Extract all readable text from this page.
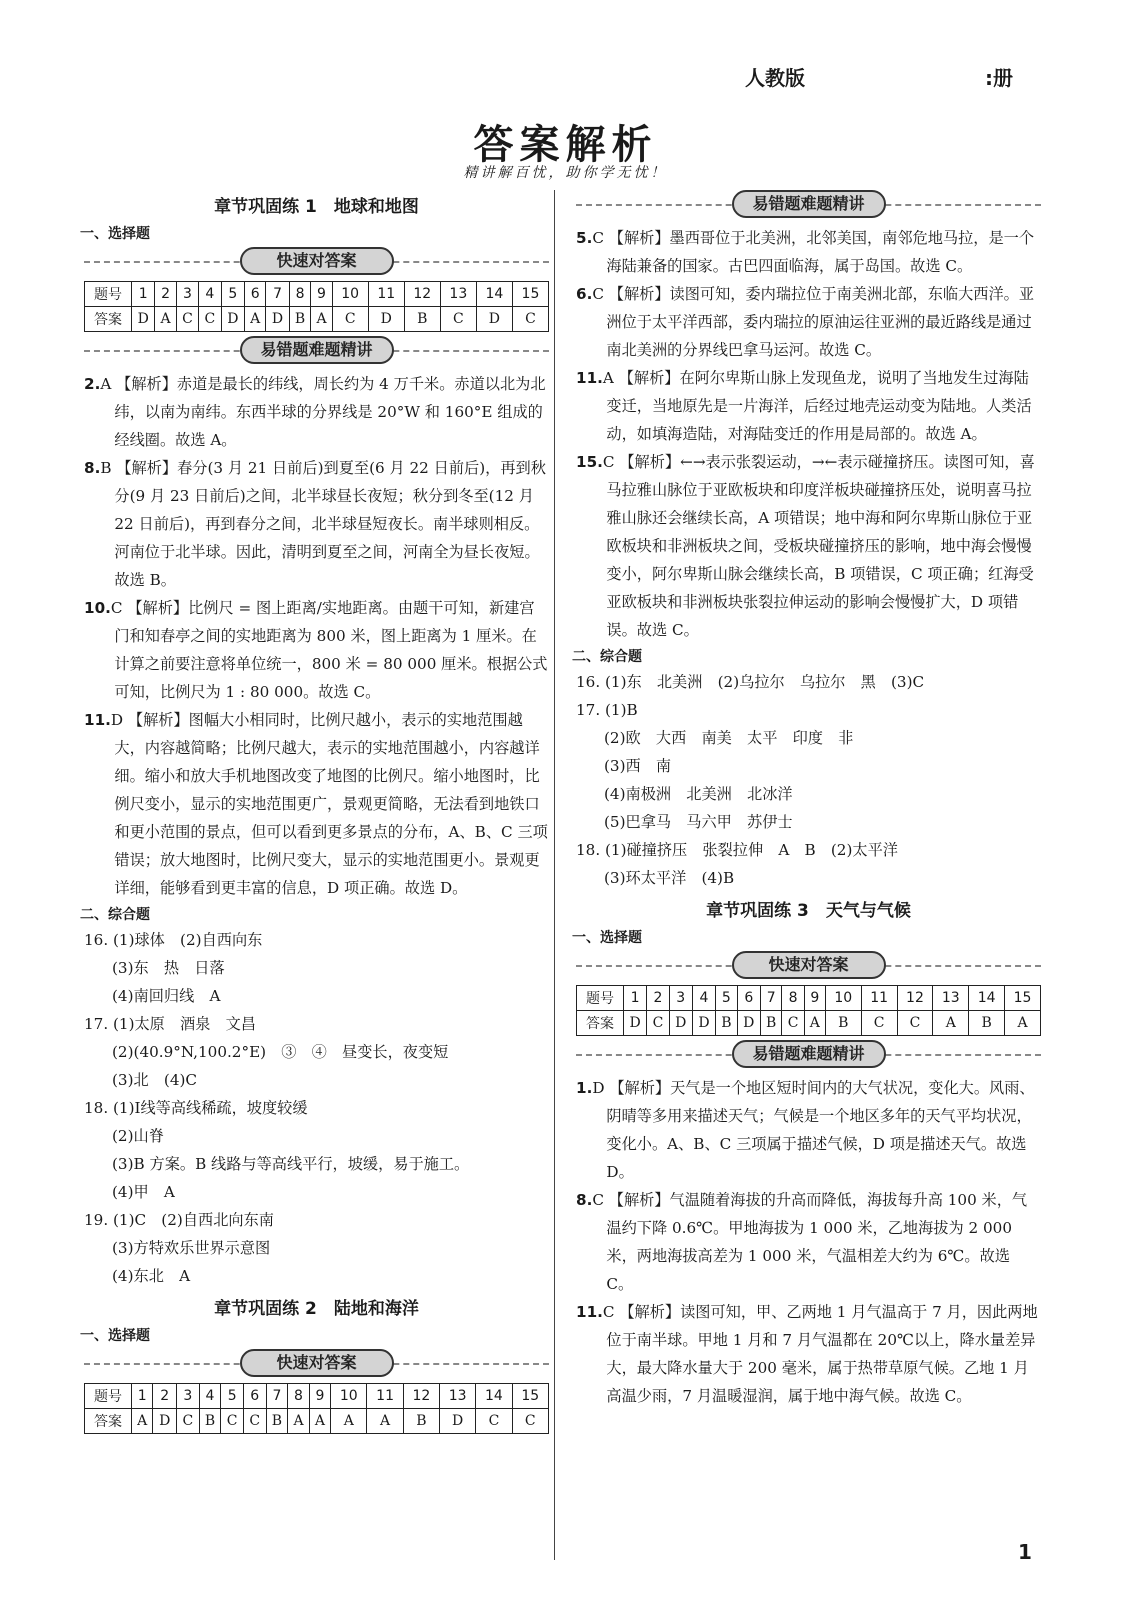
人教版	:册
答案解析
精讲解百忧，助你学无忧！
章节巩固练 1　地球和地图
一、选择题
快速对答案
题号	1	2	3	4	5	6	7	8	9	10	11	12	13	14	15
答案	D	A	C	C	D	A	D	B	A	C	D	B	C	D	C
易错题难题精讲

2.A 【解析】赤道是最长的纬线，周长约为 4 万千米。赤道以北为北纬，以南为南纬。东西半球的分界线是 20°W 和 160°E 组成的经线圈。故选 A。

8.B 【解析】春分(3 月 21 日前后)到夏至(6 月 22 日前后)，再到秋分(9 月 23 日前后)之间，北半球昼长夜短；秋分到冬至(12 月 22 日前后)，再到春分之间，北半球昼短夜长。南半球则相反。河南位于北半球。因此，清明到夏至之间，河南全为昼长夜短。故选 B。

10.C 【解析】比例尺 = 图上距离/实地距离。由题干可知，新建宫门和知春亭之间的实地距离为 800 米，图上距离为 1 厘米。在计算之前要注意将单位统一，800 米 = 80 000 厘米。根据公式可知，比例尺为 1 : 80 000。故选 C。

11.D 【解析】图幅大小相同时，比例尺越小，表示的实地范围越大，内容越简略；比例尺越大，表示的实地范围越小，内容越详细。缩小和放大手机地图改变了地图的比例尺。缩小地图时，比例尺变小，显示的实地范围更广，景观更简略，无法看到地铁口和更小范围的景点，但可以看到更多景点的分布，A、B、C 三项错误；放大地图时，比例尺变大，显示的实地范围更小。景观更详细，能够看到更丰富的信息，D 项正确。故选 D。

二、综合题
16. (1)球体　(2)自西向东
(3)东　热　日落
(4)南回归线　A
17. (1)太原　酒泉　文昌
(2)(40.9°N,100.2°E)　③　④　昼变长，夜变短
(3)北　(4)C
18. (1)Ⅰ线等高线稀疏，坡度较缓
(2)山脊
(3)B 方案。B 线路与等高线平行，坡缓，易于施工。
(4)甲　A
19. (1)C　(2)自西北向东南
(3)方特欢乐世界示意图
(4)东北　A
章节巩固练 2　陆地和海洋
一、选择题
快速对答案
题号	1	2	3	4	5	6	7	8	9	10	11	12	13	14	15
答案	A	D	C	B	C	C	B	A	A	A	A	B	D	C	C
易错题难题精讲

5.C 【解析】墨西哥位于北美洲，北邻美国，南邻危地马拉，是一个海陆兼备的国家。古巴四面临海，属于岛国。故选 C。

6.C 【解析】读图可知，委内瑞拉位于南美洲北部，东临大西洋。亚洲位于太平洋西部，委内瑞拉的原油运往亚洲的最近路线是通过南北美洲的分界线巴拿马运河。故选 C。

11.A 【解析】在阿尔卑斯山脉上发现鱼龙，说明了当地发生过海陆变迁，当地原先是一片海洋，后经过地壳运动变为陆地。人类活动，如填海造陆，对海陆变迁的作用是局部的。故选 A。

15.C 【解析】←→表示张裂运动，→←表示碰撞挤压。读图可知，喜马拉雅山脉位于亚欧板块和印度洋板块碰撞挤压处，说明喜马拉雅山脉还会继续长高，A 项错误；地中海和阿尔卑斯山脉位于亚欧板块和非洲板块之间，受板块碰撞挤压的影响，地中海会慢慢变小，阿尔卑斯山脉会继续长高，B 项错误，C 项正确；红海受亚欧板块和非洲板块张裂拉伸运动的影响会慢慢扩大，D 项错误。故选 C。

二、综合题
16. (1)东　北美洲　(2)乌拉尔　乌拉尔　黑　(3)C
17. (1)B
(2)欧　大西　南美　太平　印度　非
(3)西　南
(4)南极洲　北美洲　北冰洋
(5)巴拿马　马六甲　苏伊士
18. (1)碰撞挤压　张裂拉伸　A　B　(2)太平洋
(3)环太平洋　(4)B
章节巩固练 3　天气与气候
一、选择题
快速对答案
题号	1	2	3	4	5	6	7	8	9	10	11	12	13	14	15
答案	D	C	D	D	B	D	B	C	A	B	C	C	A	B	A
易错题难题精讲

1.D 【解析】天气是一个地区短时间内的大气状况，变化大。风雨、阴晴等多用来描述天气；气候是一个地区多年的天气平均状况，变化小。A、B、C 三项属于描述气候，D 项是描述天气。故选 D。

8.C 【解析】气温随着海拔的升高而降低，海拔每升高 100 米，气温约下降 0.6℃。甲地海拔为 1 000 米，乙地海拔为 2 000 米，两地海拔高差为 1 000 米，气温相差大约为 6℃。故选 C。

11.C 【解析】读图可知，甲、乙两地 1 月气温高于 7 月，因此两地位于南半球。甲地 1 月和 7 月气温都在 20℃以上，降水量差异大，最大降水量大于 200 毫米，属于热带草原气候。乙地 1 月高温少雨，7 月温暖湿润，属于地中海气候。故选 C。

1
